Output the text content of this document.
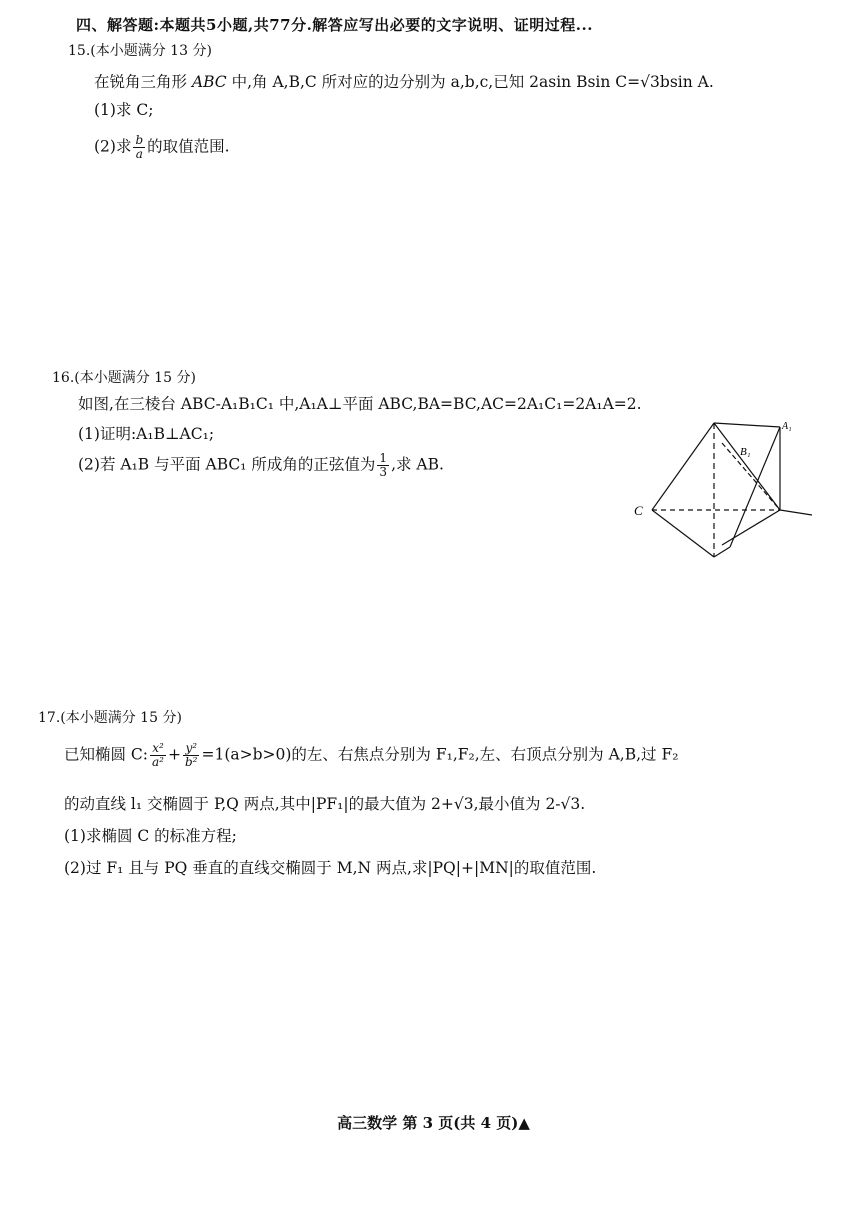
四、解答题:本题共5小题,共77分.解答应写出必要的文字说明、证明过程...
15.(本小题满分 13 分)
在锐角三角形 ABC 中,角 A,B,C 所对应的边分别为 a,b,c,已知 2asin Bsin C=√3bsin A.
(1)求 C;
(2)求 $\frac{b}{a}$ 的取值范围.
16.(本小题满分 15 分)
如图,在三棱台 ABC-A₁B₁C₁ 中,A₁A⊥平面 ABC,BA=BC,AC=2A₁C₁=2A₁A=2.
(1)证明:A₁B⊥AC₁;
(2)若 A₁B 与平面 ABC₁ 所成角的正弦值为 $\frac{1}{3}$ ,求 AB.
C
B₁
A₁
17.(本小题满分 15 分)
已知椭圆 C: $\frac{\text{x²}}{\text{a²}} + \frac{\text{y²}}{\text{b²}} =1(a>b>0)$的左、右焦点分别为 F₁,F₂,左、右顶点分别为 A,B,过 F₂
的动直线 l₁ 交椭圆于 P,Q 两点,其中|PF₁|的最大值为 2+√3,最小值为 2-√3.
(1)求椭圆 C 的标准方程;
(2)过 F₁ 且与 PQ 垂直的直线交椭圆于 M,N 两点,求|PQ|+|MN|的取值范围.
高三数学 第 3 页(共 4 页)▲
